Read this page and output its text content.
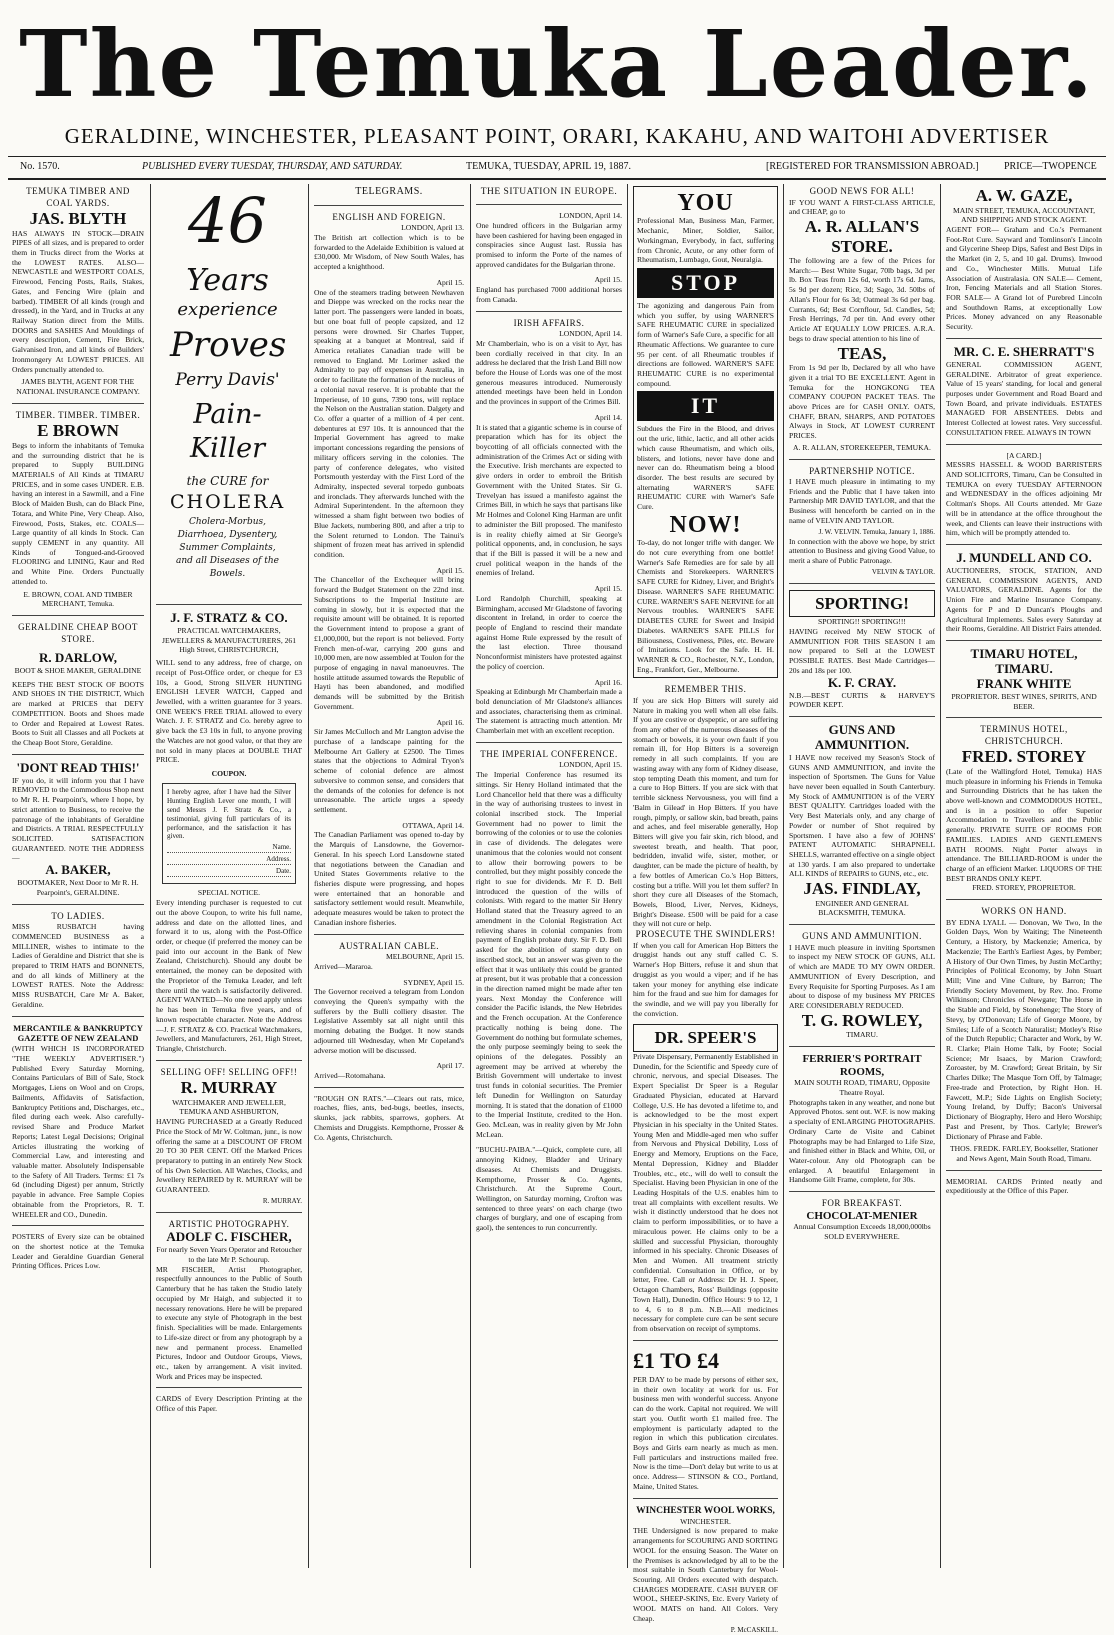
The Temuka Leader.
GERALDINE, WINCHESTER, PLEASANT POINT, ORARI, KAKAHU, AND WAITOHI ADVERTISER
No. 1570.	PUBLISHED EVERY TUESDAY, THURSDAY, AND SATURDAY.	TEMUKA, TUESDAY, APRIL 19, 1887.	[REGISTERED FOR TRANSMISSION ABROAD.]	PRICE—TWOPENCE
TEMUKA TIMBER AND COAL YARDS.
JAS. BLYTH
HAS ALWAYS IN STOCK—DRAIN PIPES of all sizes, and is prepared to order them in Trucks direct from the Works at the LOWEST RATES. ALSO—NEWCASTLE and WESTPORT COALS, Firewood, Fencing Posts, Rails, Stakes, Gates, and Fencing Wire (plain and barbed). TIMBER Of all kinds (rough and dressed), in the Yard, and in Trucks at any Railway Station direct from the Mills. DOORS and SASHES And Mouldings of every description, Cement, Fire Brick, Galvanised Iron, and all kinds of Builders' Ironmongery At LOWEST PRICES. All Orders punctually attended to.
JAMES BLYTH, AGENT FOR THE NATIONAL INSURANCE COMPANY.
TIMBER. TIMBER. TIMBER.
E BROWN
Begs to inform the inhabitants of Temuka and the surrounding district that he is prepared to Supply BUILDING MATERIALS of All Kinds at TIMARU PRICES, and in some cases UNDER. E.B. having an interest in a Sawmill, and a Fine Block of Maiden Bush, can do Black Pine, Totara, and White Pine, Very Cheap. Also, Firewood, Posts, Stakes, etc. COALS—Large quantity of all kinds In Stock. Can supply CEMENT in any quantity. All Kinds of Tongued-and-Grooved FLOORING and LINING, Kaur and Red and White Pine. Orders Punctually attended to.
E. BROWN, COAL AND TIMBER MERCHANT, Temuka.
GERALDINE CHEAP BOOT STORE.
R. DARLOW,
BOOT & SHOE MAKER, GERALDINE
KEEPS THE BEST STOCK OF BOOTS AND SHOES IN THE DISTRICT, Which are marked at PRICES that DEFY COMPETITION. Boots and Shoes made to Order and Repaired at Lowest Rates. Boots to Suit all Classes and all Pockets at the Cheap Boot Store, Geraldine.
'DONT READ THIS!'
IF you do, it will inform you that I have REMOVED to the Commodious Shop next to Mr R. H. Pearpoint's, where I hope, by strict attention to Business, to receive the patronage of the inhabitants of Geraldine and Districts. A TRIAL RESPECTFULLY SOLICITED. SATISFACTION GUARANTEED. NOTE THE ADDRESS—
A. BAKER,
BOOTMAKER, Next Door to Mr R. H. Pearpoint's, GERALDINE.
TO LADIES.
MISS RUSBATCH having COMMENCED BUSINESS as a MILLINER, wishes to intimate to the Ladies of Geraldine and District that she is prepared to TRIM HATS and BONNETS, and do all kinds of Millinery at the LOWEST RATES. Note the Address: MISS RUSBATCH, Care Mr A. Baker, Geraldine.
MERCANTILE & BANKRUPTCY GAZETTE OF NEW ZEALAND
(WITH WHICH IS INCORPORATED "THE WEEKLY ADVERTISER.") Published Every Saturday Morning, Contains Particulars of Bill of Sale, Stock Mortgages, Liens on Wool and on Crops, Bailments, Affidavits of Satisfaction, Bankruptcy Petitions and, Discharges, etc., filed during each week. Also carefully-revised Share and Produce Market Reports; Latest Legal Decisions; Original Articles illustrating the working of Commercial Law, and interesting and valuable matter. Absolutely Indispensable to the Safety of All Traders. Terms: £1 7s 6d (including Digest) per annum, Strictly payable in advance. Free Sample Copies obtainable from the Proprietors, R. T. WHEELER and CO., Dunedin.
POSTERS of Every size can be obtained on the shortest notice at the Temuka Leader and Geraldine Guardian General Printing Offices. Prices Low.
46
Years
experience
Proves
Perry Davis'
Pain-Killer
the CURE for
CHOLERA
Cholera-Morbus, Diarrhoea, Dysentery, Summer Complaints, and all Diseases of the Bowels.
J. F. STRATZ & CO.
PRACTICAL WATCHMAKERS, JEWELLERS & MANUFACTURERS, 261 High Street, CHRISTCHURCH,
WILL send to any address, free of charge, on receipt of Post-Office order, or cheque for £3 10s, a Good, Strong SILVER HUNTING ENGLISH LEVER WATCH, Capped and Jewelled, with a written guarantee for 3 years. ONE WEEK'S FREE TRIAL allowed to every Watch. J. F. STRATZ and Co. hereby agree to give back the £3 10s in full, to anyone proving the Watches are not good value, or that they are not sold in many places at DOUBLE THAT PRICE.
COUPON.
I hereby agree, after I have had the Silver Hunting English Lever one month, I will send Messrs J. F. Stratz & Co., a testimonial, giving full particulars of its performance, and the satisfaction it has given.
Name.
Address.
Date.
SPECIAL NOTICE.
Every intending purchaser is requested to cut out the above Coupon, to write his full name, address and date on the allotted lines, and forward it to us, along with the Post-Office order, or cheque (if preferred the money can be paid into our account in the Bank of New Zealand, Christchurch). Should any doubt be entertained, the money can be deposited with the Proprietor of the Temuka Leader, and left there until the watch is satisfactorily delivered. AGENT WANTED—No one need apply unless he has been in Temuka five years, and of known respectable character. Note the Address—J. F. STRATZ & CO. Practical Watchmakers, Jewellers, and Manufacturers, 261, High Street, Triangle, Christchurch.
SELLING OFF! SELLING OFF!!
R. MURRAY
WATCHMAKER AND JEWELLER, TEMUKA AND ASHBURTON,
HAVING PURCHASED at a Greatly Reduced Price the Stock of Mr W. Coltman, junr., is now offering the same at a DISCOUNT OF FROM 20 TO 30 PER CENT. Off the Marked Prices preparatory to putting in an entirely New Stock of his Own Selection. All Watches, Clocks, and Jewellery REPAIRED by R. MURRAY will be GUARANTEED.
R. MURRAY.
ARTISTIC PHOTOGRAPHY.
ADOLF C. FISCHER,
For nearly Seven Years Operator and Retoucher to the late Mr P. Schourup.
MR FISCHER, Artist Photographer, respectfully announces to the Public of South Canterbury that he has taken the Studio lately occupied by Mr Haigh, and subjected it to necessary renovations. Here he will be prepared to execute any style of Photograph in the best finish. Specialities will be made. Enlargements to Life-size direct or from any photograph by a new and permanent process. Enamelled Pictures, Indoor and Outdoor Groups, Views, etc., taken by arrangement. A visit invited. Work and Prices may be inspected.
CARDS of Every Description Printing at the Office of this Paper.
TELEGRAMS.
ENGLISH AND FOREIGN.
LONDON, April 13.
The British art collection which is to be forwarded to the Adelaide Exhibition is valued at £30,000. Mr Wisdom, of New South Wales, has accepted a knighthood.
April 15.
One of the steamers trading between Newhaven and Dieppe was wrecked on the rocks near the latter port. The passengers were landed in boats, but one boat full of people capsized, and 12 persons were drowned. Sir Charles Tupper, speaking at a banquet at Montreal, said if America retaliates Canadian trade will be removed to England. Mr Lorimer asked the Admiralty to pay off expenses in Australia, in order to facilitate the formation of the nucleus of a colonial naval reserve. It is probable that the Imperieuse, of 10 guns, 7390 tons, will replace the Nelson on the Australian station. Dalgety and Co. offer a quarter of a million of 4 per cent. debentures at £97 10s. It is announced that the Imperial Government has agreed to make important concessions regarding the pensions of military officers serving in the colonies. The party of conference delegates, who visited Portsmouth yesterday with the First Lord of the Admiralty, inspected several torpedo gunboats and ironclads. They afterwards lunched with the Admiral Superintendent. In the afternoon they witnessed a sham fight between two bodies of Blue Jackets, numbering 800, and after a trip to the Solent returned to London. The Tainui's shipment of frozen meat has arrived in splendid condition.
April 15.
The Chancellor of the Exchequer will bring forward the Budget Statement on the 22nd inst. Subscriptions to the Imperial Institute are coming in slowly, but it is expected that the requisite amount will be obtained. It is reported the Government intend to propose a grant of £1,000,000, but the report is not believed. Forty French men-of-war, carrying 200 guns and 10,000 men, are now assembled at Toulon for the purpose of engaging in naval manoeuvres. The hostile attitude assumed towards the Republic of Hayti has been abandoned, and modified demands will be submitted by the British Government.
April 16.
Sir James McCulloch and Mr Langton advise the purchase of a landscape painting for the Melbourne Art Gallery at £2500. The Times states that the objections to Admiral Tryon's scheme of colonial defence are almost subversive to common sense, and considers that the demands of the colonies for defence is not unreasonable. The article urges a speedy settlement.
OTTAWA, April 14.
The Canadian Parliament was opened to-day by the Marquis of Lansdowne, the Governor-General. In his speech Lord Lansdowne stated that negotiations between the Canadian and United States Governments relative to the fisheries dispute were progressing, and hopes were entertained that an honorable and satisfactory settlement would result. Meanwhile, adequate measures would be taken to protect the Canadian inshore fisheries.
AUSTRALIAN CABLE.
MELBOURNE, April 15.
Arrived—Mararoa.
SYDNEY, April 15.
The Governor received a telegram from London conveying the Queen's sympathy with the sufferers by the Bulli colliery disaster. The Legislative Assembly sat all night until this morning debating the Budget. It now stands adjourned till Wednesday, when Mr Copeland's adverse motion will be discussed.
April 17.
Arrived—Rotomahana.
"ROUGH ON RATS."—Clears out rats, mice, roaches, flies, ants, bed-bugs, beetles, insects, skunks, jack rabbits, sparrows, gophers. At Chemists and Druggists. Kempthorne, Prosser & Co. Agents, Christchurch.
THE SITUATION IN EUROPE.
LONDON, April 14.
One hundred officers in the Bulgarian army have been cashiered for having been engaged in conspiracies since August last. Russia has promised to inform the Porte of the names of approved candidates for the Bulgarian throne.
April 15.
England has purchased 7000 additional horses from Canada.
IRISH AFFAIRS.
LONDON, April 14.
Mr Chamberlain, who is on a visit to Ayr, has been cordially received in that city. In an address he declared that the Irish Land Bill now before the House of Lords was one of the most generous measures introduced. Numerously attended meetings have been held in London and the provinces in support of the Crimes Bill.
April 14.
It is stated that a gigantic scheme is in course of preparation which has for its object the boycotting of all officials connected with the administration of the Crimes Act or siding with the Executive. Irish merchants are expected to give orders in order to embroil the British Government with the United States. Sir G. Trevelyan has issued a manifesto against the Crimes Bill, in which he says that partisans like Mr Holmes and Colonel King Harman are unfit to administer the Bill proposed. The manifesto is in reality chiefly aimed at Sir George's political opponents, and, in conclusion, he says that if the Bill is passed it will be a new and cruel political weapon in the hands of the enemies of Ireland.
April 15.
Lord Randolph Churchill, speaking at Birmingham, accused Mr Gladstone of favoring discontent in Ireland, in order to coerce the people of England to rescind their mandate against Home Rule expressed by the result of the last election. Three thousand Nonconformist ministers have protested against the policy of coercion.
April 16.
Speaking at Edinburgh Mr Chamberlain made a bold denunciation of Mr Gladstone's alliances and associates, characterising them as criminal. The statement is attracting much attention. Mr Chamberlain met with an excellent reception.
THE IMPERIAL CONFERENCE.
LONDON, April 15.
The Imperial Conference has resumed its sittings. Sir Henry Holland intimated that the Lord Chancellor held that there was a difficulty in the way of authorising trustees to invest in colonial inscribed stock. The Imperial Government had no power to limit the borrowing of the colonies or to use the colonies in case of dividends. The delegates were unanimous that the colonies would not consent to allow their borrowing powers to be controlled, but they might possibly concede the right to sue for dividends. Mr F. D. Bell introduced the question of the wills of colonists. With regard to the matter Sir Henry Holland stated that the Treasury agreed to an amendment in the Colonial Registration Act relieving shares in colonial companies from payment of English probate duty. Sir F. D. Bell asked for the abolition of stamp duty on inscribed stock, but an answer was given to the effect that it was unlikely this could be granted at present, but it was probable that a concession in the direction named might be made after ten years. Next Monday the Conference will consider the Pacific islands, the New Hebrides and the French occupation. At the Conference practically nothing is being done. The Government do nothing but formulate schemes, the only purpose seemingly being to seek the opinions of the delegates. Possibly an agreement may be arrived at whereby the British Government will undertake to invest trust funds in colonial securities. The Premier left Dunedin for Wellington on Saturday morning. It is stated that the donation of £1000 to the Imperial Institute, credited to the Hon. Geo. McLean, was in reality given by Mr John McLean.
"BUCHU-PAIBA."—Quick, complete cure, all annoying Kidney, Bladder and Urinary diseases. At Chemists and Druggists. Kempthorne, Prosser & Co. Agents, Christchurch. At the Supreme Court, Wellington, on Saturday morning, Crofton was sentenced to three years' on each charge (two charges of burglary, and one of escaping from gaol), the sentences to run concurrently.
YOU
Professional Man, Business Man, Farmer, Mechanic, Miner, Soldier, Sailor, Workingman, Everybody, in fact, suffering from Chronic, Acute, or any other form of Rheumatism, Lumbago, Gout, Neuralgia.
STOP
The agonizing and dangerous Pain from which you suffer, by using WARNER'S SAFE RHEUMATIC CURE in specialized form of Warner's Safe Cure, a specific for all Rheumatic Affections. We guarantee to cure 95 per cent. of all Rheumatic troubles if directions are followed. WARNER'S SAFE RHEUMATIC CURE is no experimental compound.
IT
Subdues the Fire in the Blood, and drives out the uric, lithic, lactic, and all other acids which cause Rheumatism, and which oils, blisters, and lotions, never have done and never can do. Rheumatism being a blood disorder. The best results are secured by alternating WARNER'S SAFE RHEUMATIC CURE with Warner's Safe Cure.
NOW!
To-day, do not longer trifle with danger. We do not cure everything from one bottle! Warner's Safe Remedies are for sale by all Chemists and Storekeepers. WARNER'S SAFE CURE for Kidney, Liver, and Bright's Disease. WARNER'S SAFE RHEUMATIC CURE. WARNER'S SAFE NERVINE for all Nervous troubles. WARNER'S SAFE DIABETES CURE for Sweet and Insipid Diabetes. WARNER'S SAFE PILLS for Biliousness, Costiveness, Piles, etc. Beware of Imitations. Look for the Safe. H. H. WARNER & CO., Rochester, N.Y., London, Eng., Frankfort, Ger., Melbourne.
REMEMBER THIS.
If you are sick Hop Bitters will surely aid Nature in making you well when all else fails. If you are costive or dyspeptic, or are suffering from any other of the numerous diseases of the stomach or bowels, it is your own fault if you remain ill, for Hop Bitters is a sovereign remedy in all such complaints. If you are wasting away with any form of Kidney disease, stop tempting Death this moment, and turn for a cure to Hop Bitters. If you are sick with that terrible sickness Nervousness, you will find a 'Balm in Gilead' in Hop Bitters. If you have rough, pimply, or sallow skin, bad breath, pains and aches, and feel miserable generally, Hop Bitters will give you fair skin, rich blood, and sweetest breath, and health. That poor, bedridden, invalid wife, sister, mother, or daughter, can be made the picture of health, by a few bottles of American Co.'s Hop Bitters, costing but a trifle. Will you let them suffer? In short they cure all Diseases of the Stomach, Bowels, Blood, Liver, Nerves, Kidneys, Bright's Disease. £500 will be paid for a case they will not cure or help.
PROSECUTE THE SWINDLERS!
If when you call for American Hop Bitters the druggist hands out any stuff called C. S. Warner's Hop Bitters, refuse it and shun that druggist as you would a viper; and if he has taken your money for anything else indicate him for the fraud and sue him for damages for the swindle, and we will pay you liberally for the conviction.
DR. SPEER'S
Private Dispensary, Permanently Established in Dunedin, for the Scientific and Speedy cure of chronic, nervous, and special Diseases. The Expert Specialist Dr Speer is a Regular Graduated Physician, educated at Harvard College, U.S. He has devoted a lifetime to, and is acknowledged to be the most expert Physician in his specialty in the United States. Young Men and Middle-aged men who suffer from Nervous and Physical Debility, Loss of Energy and Memory, Eruptions on the Face, Mental Depression, Kidney and Bladder Troubles, etc., etc., will do well to consult the Specialist. Having been Physician in one of the Leading Hospitals of the U.S. enables him to treat all complaints with excellent results. We wish it distinctly understood that he does not claim to perform impossibilities, or to have a miraculous power. He claims only to be a skilled and successful Physician, thoroughly informed in his specialty. Chronic Diseases of Men and Women. All treatment strictly confidential. Consultation in Office, or by letter, Free. Call or Address: Dr H. J. Speer, Octagon Chambers, Ross' Buildings (opposite Town Hall), Dunedin. Office Hours: 9 to 12, 1 to 4, 6 to 8 p.m. N.B.—All medicines necessary for complete cure can be sent secure from observation on receipt of symptoms.
£1 TO £4
PER DAY to be made by persons of either sex, in their own locality at work for us. For business men with wonderful success. Anyone can do the work. Capital not required. We will start you. Outfit worth £1 mailed free. The employment is particularly adapted to the region in which this publication circulates. Boys and Girls earn nearly as much as men. Full particulars and instructions mailed free. Now is the time—Don't delay but write to us at once. Address— STINSON & CO., Portland, Maine, United States.
WINCHESTER WOOL WORKS,
WINCHESTER.
THE Undersigned is now prepared to make arrangements for SCOURING AND SORTING WOOL for the ensuing Season. The Water on the Premises is acknowledged by all to be the most suitable in South Canterbury for Wool-Scouring. All Orders executed with despatch. CHARGES MODERATE. CASH BUYER OF WOOL, SHEEP-SKINS, Etc. Every Variety of WOOL MATS on hand. All Colors. Very Cheap.
P. McCASKILL.
GOOD NEWS FOR ALL!
IF YOU WANT A FIRST-CLASS ARTICLE, and CHEAP, go to
A. R. ALLAN'S
STORE.
The following are a few of the Prices for March:— Best White Sugar, 70lb bags, 3d per lb. Box Teas from 12s 6d, worth 17s 6d. Jams, 5s 9d per dozen; Rice, 3d; Sago, 3d. 50lbs of Allan's Flour for 6s 3d; Oatmeal 3s 6d per bag. Currants, 6d; Best Cornflour, 5d. Candles, 5d; Fresh Herrings, 7d per tin. And every other Article AT EQUALLY LOW PRICES. A.R.A. begs to draw special attention to his line of
TEAS,
From 1s 9d per lb, Declared by all who have given it a trial TO BE EXCELLENT. Agent in Temuka for the HONGKONG TEA COMPANY COUPON PACKET TEAS. The above Prices are for CASH ONLY. OATS, CHAFF, BRAN, SHARPS, AND POTATOES Always in Stock, AT LOWEST CURRENT PRICES.
A. R. ALLAN, STOREKEEPER, TEMUKA.
PARTNERSHIP NOTICE.
I HAVE much pleasure in intimating to my Friends and the Public that I have taken into Partnership MR DAVID TAYLOR, and that the Business will henceforth be carried on in the name of VELVIN AND TAYLOR.
J. W. VELVIN. Temuka, January 1, 1886.
In connection with the above we hope, by strict attention to Business and giving Good Value, to merit a share of Public Patronage.
VELVIN & TAYLOR.
SPORTING!
SPORTING!! SPORTING!!!
HAVING received My NEW STOCK of AMMUNITION FOR THIS SEASON I am now prepared to Sell at the LOWEST POSSIBLE RATES. Best Made Cartridges—20s and 18s per 100.
K. F. CRAY.
N.B.—BEST CURTIS & HARVEY'S POWDER KEPT.
GUNS AND AMMUNITION.
I HAVE now received my Season's Stock of GUNS AND AMMUNITION, and invite the inspection of Sportsmen. The Guns for Value have never been equalled in South Canterbury. My Stock of AMMUNITION is of the VERY BEST QUALITY. Cartridges loaded with the Very Best Materials only, and any charge of Powder or number of Shot required by Sportsmen. I have also a few of JOHNS' PATENT AUTOMATIC SHRAPNELL SHELLS, warranted effective on a single object at 130 yards. I am also prepared to undertake ALL KINDS of REPAIRS to GUNS, etc., etc.
JAS. FINDLAY,
ENGINEER AND GENERAL BLACKSMITH, TEMUKA.
GUNS AND AMMUNITION.
I HAVE much pleasure in inviting Sportsmen to inspect my NEW STOCK OF GUNS, ALL of which are MADE TO MY OWN ORDER. AMMUNITION of Every Description, and Every Requisite for Sporting Purposes. As I am about to dispose of my business MY PRICES ARE CONSIDERABLY REDUCED.
T. G. ROWLEY,
TIMARU.
FERRIER'S PORTRAIT ROOMS,
MAIN SOUTH ROAD, TIMARU, Opposite Theatre Royal.
Photographs taken in any weather, and none but Approved Photos. sent out. W.F. is now making a specialty of ENLARGING PHOTOGRAPHS. Ordinary Carte de Visite and Cabinet Photographs may be had Enlarged to Life Size, and finished either in Black and White, Oil, or Water-colour. Any old Photograph can be enlarged. A beautiful Enlargement in Handsome Gilt Frame, complete, for 30s.
FOR BREAKFAST.
CHOCOLAT-MENIER
Annual Consumption Exceeds 18,000,000lbs SOLD EVERYWHERE.
A. W. GAZE,
MAIN STREET, TEMUKA, ACCOUNTANT, AND SHIPPING AND STOCK AGENT.
AGENT FOR— Graham and Co.'s Permanent Foot-Rot Cure. Sayward and Tomlinson's Lincoln and Glycerine Sheep Dips, Safest and Best Dips in the Market (in 2, 5, and 10 gal. Drums). Inwood and Co., Winchester Mills. Mutual Life Association of Australasia. ON SALE— Cement, Iron, Fencing Materials and all Station Stores. FOR SALE— A Grand lot of Purebred Lincoln and Southdown Rams, at exceptionally Low Prices. Money advanced on any Reasonable Security.
MR. C. E. SHERRATT'S
GENERAL COMMISSION AGENT, GERALDINE. Arbitrator of great experience. Value of 15 years' standing, for local and general purposes under Government and Road Board and Town Board, and private individuals. ESTATES MANAGED FOR ABSENTEES. Debts and Interest Collected at lowest rates. Very successful. CONSULTATION FREE. ALWAYS IN TOWN
[A CARD.]
MESSRS HASSELL & WOOD BARRISTERS AND SOLICITORS, Timaru, Can be Consulted in TEMUKA on every TUESDAY AFTERNOON and WEDNESDAY in the offices adjoining Mr Coltman's Shops. All Courts attended. Mr Gaze will be in attendance at the office throughout the week, and Clients can leave their instructions with him, which will be promptly attended to.
J. MUNDELL AND CO.
AUCTIONEERS, STOCK, STATION, AND GENERAL COMMISSION AGENTS, AND VALUATORS, GERALDINE. Agents for the Union Fire and Marine Insurance Company. Agents for P and D Duncan's Ploughs and Agricultural Implements. Sales every Saturday at their Rooms, Geraldine. All District Fairs attended.
TIMARU HOTEL, TIMARU.
FRANK WHITE
PROPRIETOR. BEST WINES, SPIRITS, AND BEER.
TERMINUS HOTEL, CHRISTCHURCH.
FRED. STOREY
(Late of the Wallingford Hotel, Temuka) HAS much pleasure in informing his Friends in Temuka and Surrounding Districts that he has taken the above well-known and COMMODIOUS HOTEL, and is in a position to offer Superior Accommodation to Travellers and the Public generally. PRIVATE SUITE OF ROOMS FOR FAMILIES. LADIES AND GENTLEMEN'S BATH ROOMS. Night Porter always in attendance. The BILLIARD-ROOM is under the charge of an efficient Marker. LIQUORS OF THE BEST BRANDS ONLY KEPT.
FRED. STOREY, PROPRIETOR.
WORKS ON HAND.
BY EDNA LYALL — Donovan, We Two, In the Golden Days, Won by Waiting; The Nineteenth Century, a History, by Mackenzie; America, by Mackenzie; The Earth's Earliest Ages, by Pember; A History of Our Own Times, by Justin McCarthy; Principles of Political Economy, by John Stuart Mill; Vine and Vine Culture, by Barron; The Friendly Society Movement, by Rev. Jno. Frome Wilkinson; Chronicles of Newgate; The Horse in the Stable and Field, by Stonehenge; The Story of Stevy, by O'Donovan; Life of George Moore, by Smiles; Life of a Scotch Naturalist; Motley's Rise of the Dutch Republic; Character and Work, by W. R. Clarke; Plain Home Talk, by Foote; Social Science; Mr Isaacs, by Marion Crawford; Zoroaster, by M. Crawford; Great Britain, by Sir Charles Dilke; The Masque Torn Off, by Talmage; Free-trade and Protection, by Right Hon. H. Fawcett, M.P.; Side Lights on English Society; Young Ireland, by Duffy; Bacon's Universal Dictionary of Biography, Hero and Hero Worship; Past and Present, by Thos. Carlyle; Brewer's Dictionary of Phrase and Fable.
THOS. FREDK. FARLEY, Bookseller, Stationer and News Agent, Main South Road, Timaru.
MEMORIAL CARDS Printed neatly and expeditiously at the Office of this Paper.
